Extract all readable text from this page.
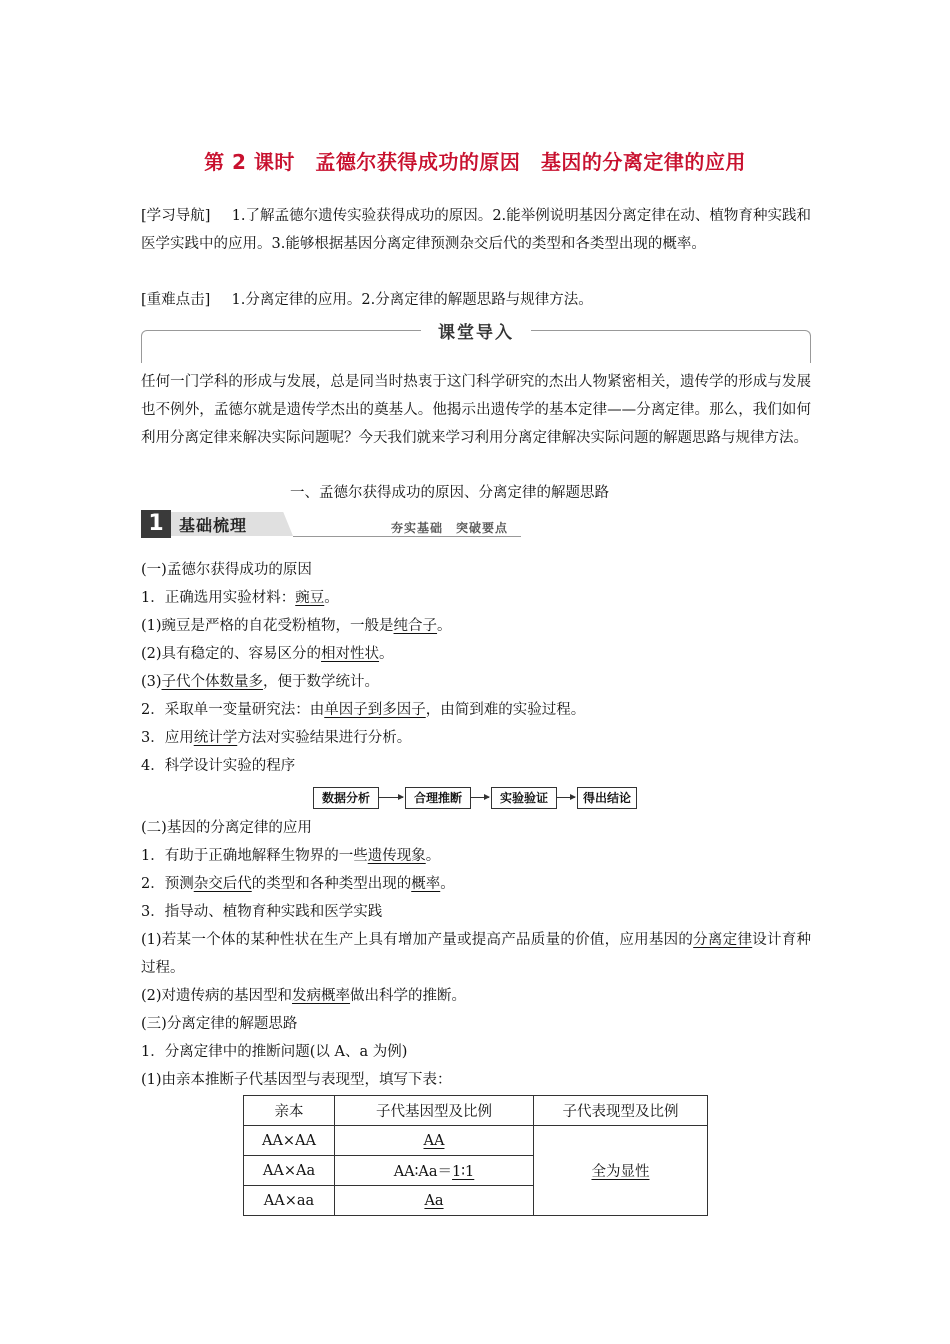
第 2 课时　孟德尔获得成功的原因　基因的分离定律的应用
[学习导航] 1.了解孟德尔遗传实验获得成功的原因。2.能举例说明基因分离定律在动、植物育种实践和医学实践中的应用。3.能够根据基因分离定律预测杂交后代的类型和各类型出现的概率。
[重难点击] 1.分离定律的应用。2.分离定律的解题思路与规律方法。
课堂导入
任何一门学科的形成与发展，总是同当时热衷于这门科学研究的杰出人物紧密相关，遗传学的形成与发展也不例外，孟德尔就是遗传学杰出的奠基人。他揭示出遗传学的基本定律——分离定律。那么，我们如何利用分离定律来解决实际问题呢？今天我们就来学习利用分离定律解决实际问题的解题思路与规律方法。
一、孟德尔获得成功的原因、分离定律的解题思路
1 基础梳理	夯实基础　突破要点
(一)孟德尔获得成功的原因
1．正确选用实验材料：豌豆。
(1)豌豆是严格的自花受粉植物，一般是纯合子。
(2)具有稳定的、容易区分的相对性状。
(3)子代个体数量多，便于数学统计。
2．采取单一变量研究法：由单因子到多因子，由简到难的实验过程。
3．应用统计学方法对实验结果进行分析。
4．科学设计实验的程序
数据分析	合理推断	实验验证	得出结论
(二)基因的分离定律的应用
1．有助于正确地解释生物界的一些遗传现象。
2．预测杂交后代的类型和各种类型出现的概率。
3．指导动、植物育种实践和医学实践
(1)若某一个体的某种性状在生产上具有增加产量或提高产品质量的价值，应用基因的分离定律设计育种过程。
(2)对遗传病的基因型和发病概率做出科学的推断。
(三)分离定律的解题思路
1．分离定律中的推断问题(以 A、a 为例)
(1)由亲本推断子代基因型与表现型，填写下表：
亲本	子代基因型及比例	子代表现型及比例
AA×AA	AA	全为显性
AA×Aa	AA∶Aa＝1∶1	
AA×aa	Aa	
